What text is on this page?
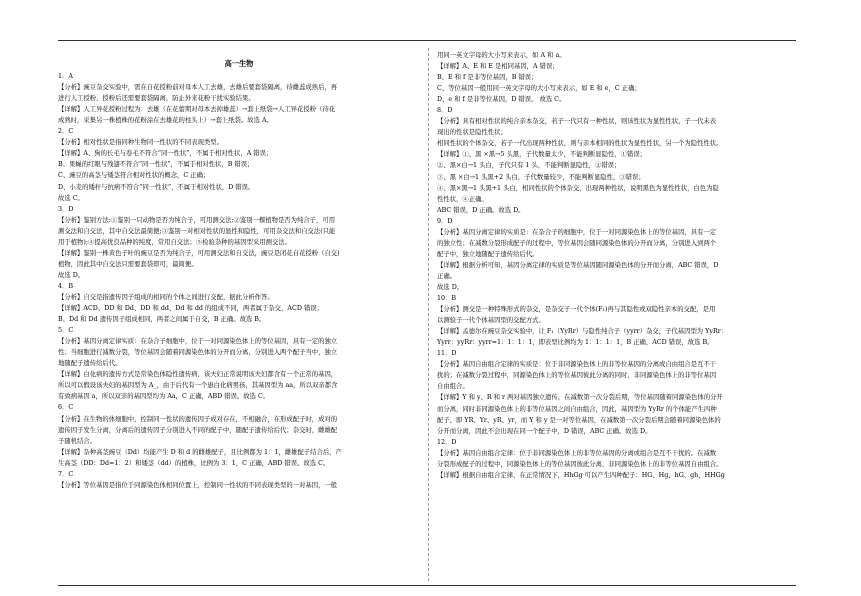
高一生物

1．A

【分析】豌豆杂交实验中，需在自花授粉前对母本人工去雄，去雄后要套袋隔离，待雌蕊成熟后，再

进行人工授粉，授粉后还需要套袋隔离，防止外来花粉干扰实验结果。

【详解】人工异花授粉过程为：去雄（在花蕾期对母本去掉雄蕊）→套上纸袋→人工异花授粉（待花

成熟时，采集另一株植株的花粉涂在去雄花的柱头上）→套上纸袋。故选 A。

2．C

【分析】相对性状是指同种生物同一性状的不同表现类型。

【详解】A、狗的长毛与卷毛不符合“同一性状”，不属于相对性状，A 错误；

B、果蝇的红眼与残翅不符合“同一性状”，不属于相对性状，B 错误；

C、豌豆的高茎与矮茎符合相对性状的概念，C 正确；

D、小麦的矮秆与抗病不符合“同一性状”，不属于相对性状，D 错误。

故选 C。

3．D

【分析】鉴别方法:①鉴别一只动物是否为纯合子，可用测交法;②鉴别一棵植物是否为纯合子，可用

测交法和自交法，其中自交法最简便;③鉴别一对相对性状的显性和隐性，可用杂交法和自交法(只能

用于植物);④提高优良品种的纯度，常用自交法；⑤检验杂种的基因型采用测交法。

【详解】鉴别一株黄色子叶的豌豆是否为纯合子，可用测交法和自交法，豌豆是闭花自花授粉（自交)

植物，因此其中自交法只需要套袋即可，最简便。

故选 D。

4．B

【分析】自交是指遗传因子组成的相同的个体之间进行交配，据此分析作答。

【详解】ACD、DD 和 Dd、DD 和 dd、Dd 和 dd 的组成不同，两者属于杂交，ACD 错误；

B、Dd 和 Dd 遗传因子组成相同，两者之间属于自交，B 正确。故选 B。

5．C

【分析】基因分离定律实质：在杂合子细胞中，位于一对同源染色体上的等位基因，具有一定的独立

性；当细胞进行减数分裂，等位基因会随着同源染色体的分开而分离，分别进入两个配子当中，独立

地随配子遗传给后代。

【详解】白化病的遗传方式是常染色体隐性遗传病，该夫妇正常说明该夫妇都含有一个正常的基因，

所以可以假设该夫妇的基因型为 A_，由于后代有一个患白化病男孩，其基因型为 aa，所以双亲都含

有致病基因 a，所以双亲的基因型均为 Aa，C 正确，ABD 错误。故选 C。

6．C

【分析】在生物的体细胞中，控制同一性状的遗传因子成对存在，不相融合，在形成配子时，成对的

遗传因子发生分离，分离后的遗传因子分别进入不同的配子中，随配子遗传给后代；杂交时，雌雄配

子随机结合。

【详解】杂种高茎豌豆（Dd）均能产生 D 和 d 的雌雄配子，且比例都为 1：1，雌雄配子结合后，产

生高茎（DD：Dd=1：2）和矮茎（dd）的植株，比例为 3：1，C 正确，ABD 错误。故选 C。

7．C

【分析】等位基因是指位于同源染色体相同位置上，控制同一性状的不同表现类型的一对基因，一般

用同一英文字母的大小写来表示，如 A 和 a。

【详解】A、E 和 E 是相同基因，A 错误；

B、E 和 f 是非等位基因，B 错误；

C、等位基因一般用同一英文字母的大小写来表示，如 E 和 e，C 正确；

D、e 和 f 是非等位基因，D 错误。 故选 C。

8．D

【分析】具有相对性状的纯合亲本杂交，若子一代只有一种性状，则该性状为显性性状，子一代未表

现出的性状是隐性性状；

相同性状的个体杂交，若子一代出现两种性状，则与亲本相同的性状为显性性状，另一个为隐性性状。

【详解】①、黑 ×黑→5 头黑，子代数量太少，不能判断显隐性，①错误；

②、黑×白→1 头白，子代只有 1 头，不能判断显隐性，②错误；

③、黑 ×白→1 头黑+2 头白，子代数量较少，不能判断显隐性，③错误；

④、黑×黑→1 头黑+1 头白，相同性状的个体杂交，出现两种性状，说明黑色为显性性状，白色为隐

性性状，④正确。

ABC 错误，D 正确。故选 D。

9．D

【分析】基因分离定律的实质是：在杂合子的细胞中，位于一对同源染色体上的等位基因，具有一定

的独立性；在减数分裂形成配子的过程中，等位基因会随同源染色体的分开而分离，分别进入到两个

配子中，独立地随配子遗传给后代。

【详解】根据分析可知，基因分离定律的实质是等位基因随同源染色体的分开而分离，ABC 错误，D

正确。

故选 D。

10．B

【分析】测交是一种特殊形式的杂交，是杂交子一代个体(F₁)再与其隐性或双隐性亲本的交配，是用

以测验子一代个体基因型的交配方式。

【详解】孟德尔在豌豆杂交实验中，让 F₁（YyRr）与隐性纯合子（yyrr）杂交，子代基因型为 YyRr：

Yyrr：yyRr：yyrr=1：1：1：1，即表型比例均为 1：1：1：1，B 正确，ACD 错误，故选 B。

11．D

【分析】基因自由组合定律的实质是：位于非同源染色体上的非等位基因的分离或自由组合是互不干

扰的；在减数分裂过程中，同源染色体上的等位基因彼此分离的同时，非同源染色体上的非等位基因

自由组合。

【详解】Y 和 y、R 和 r 两对基因独立遗传，在减数第一次分裂后期，等位基因随着同源染色体的分开

而分离，同时非同源染色体上的非等位基因之间自由组合，因此，基因型为 YyRr 的个体能产生四种

配子，即 YR、Yr、yR、yr，而 Y 和 y 是一对等位基因，在减数第一次分裂后期会随着同源染色体的

分开而分离，因此不会出现在同一个配子中，D 错误，ABC 正确。故选 D。

12．D

【分析】基因自由组合定律：位于非同源染色体上的非等位基因的分离或组合是互不干扰的。在减数

分裂形成配子的过程中，同源染色体上的等位基因彼此分离，非同源染色体上的非等位基因自由组合。

【详解】根据自由组合定律，在正常情况下，HhGg 可以产生四种配子：HG、Hg、hG、gh，HHGg
